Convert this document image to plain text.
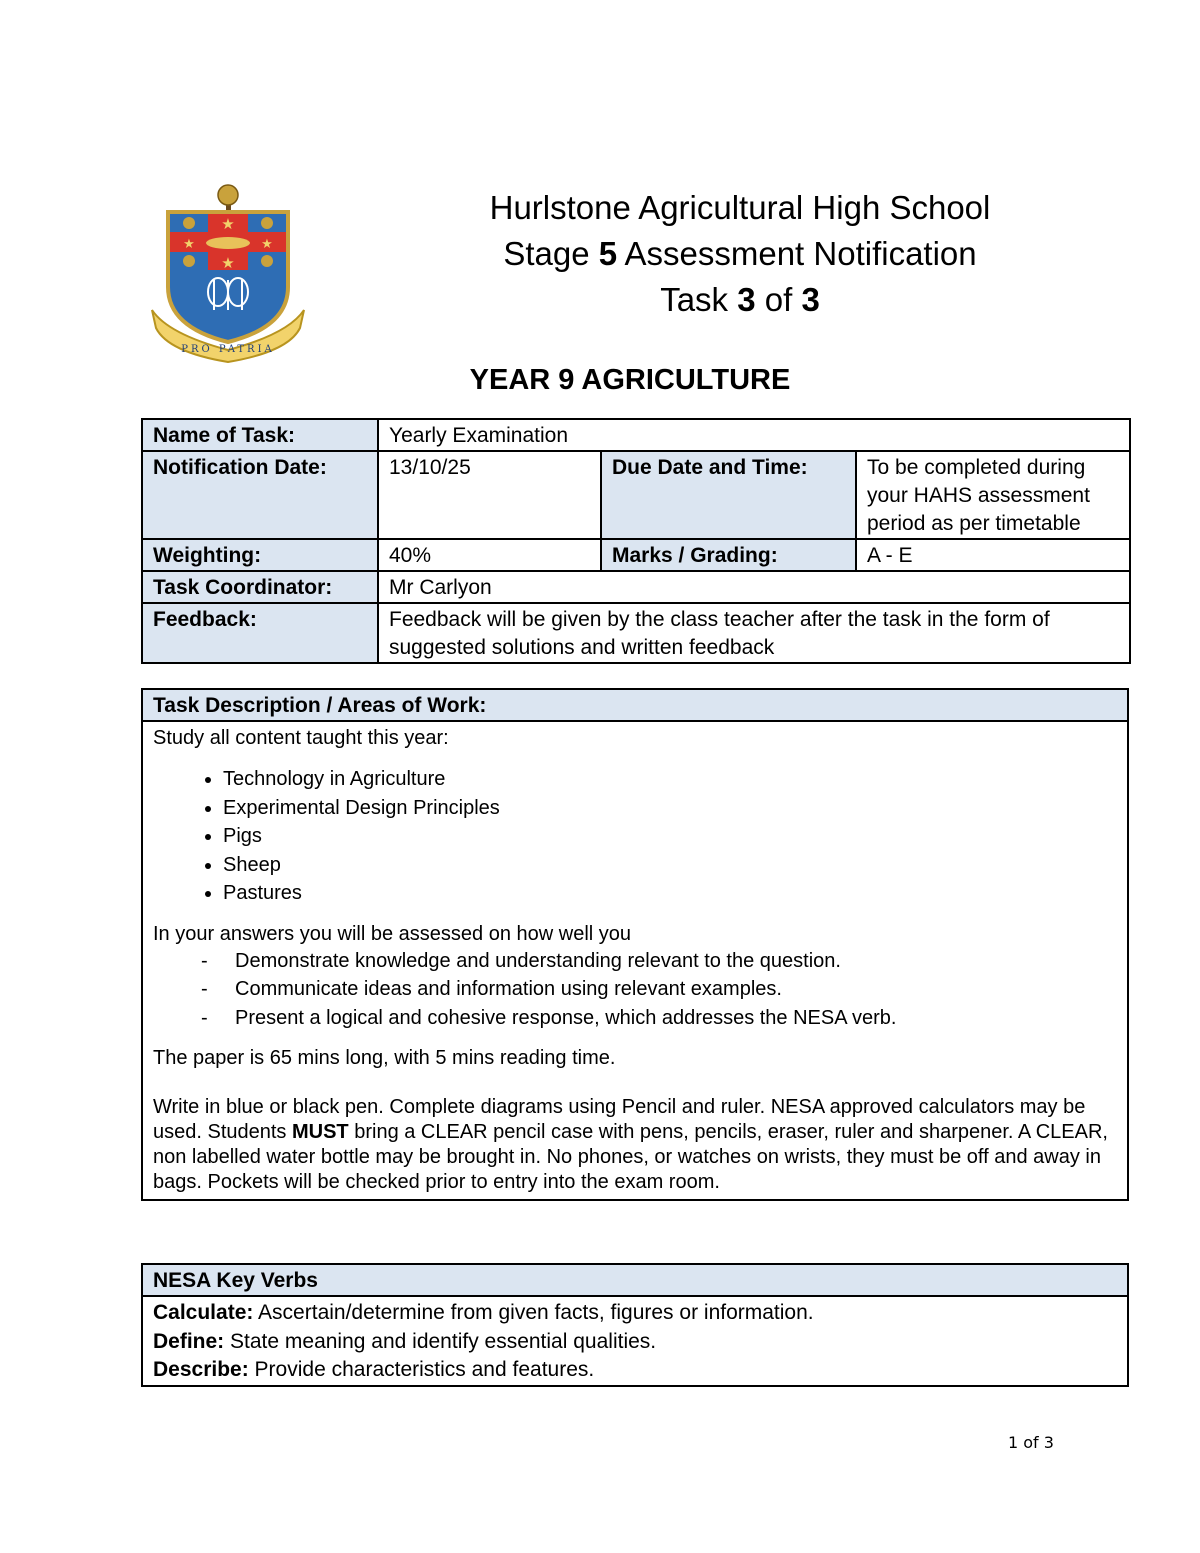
★
★	★
★
PRO PATRIA
Hurlstone Agricultural High School
Stage 5 Assessment Notification
Task 3 of 3
YEAR 9 AGRICULTURE
Name of Task:	Yearly Examination		
Notification Date:	13/10/25	Due Date and Time:	To be completed during your HAHS assessment period as per timetable
Weighting:	40%	Marks / Grading:	A - E
Task Coordinator:	Mr Carlyon		
Feedback:	Feedback will be given by the class teacher after the task in the form of suggested solutions and written feedback		
Task Description / Areas of Work:

Study all content taught this year:

• Technology in Agriculture
• Experimental Design Principles
• Pigs
• Sheep
• Pastures

In your answers you will be assessed on how well you

- Demonstrate knowledge and understanding relevant to the question.
- Communicate ideas and information using relevant examples.
- Present a logical and cohesive response, which addresses the NESA verb.

The paper is 65 mins long, with 5 mins reading time.

Write in blue or black pen. Complete diagrams using Pencil and ruler. NESA approved calculators may be used. Students MUST bring a CLEAR pencil case with pens, pencils, eraser, ruler and sharpener. A CLEAR, non labelled water bottle may be brought in. No phones, or watches on wrists, they must be off and away in bags. Pockets will be checked prior to entry into the exam room.

NESA Key Verbs

Calculate: Ascertain/determine from given facts, figures or information.
Define: State meaning and identify essential qualities.
Describe: Provide characteristics and features.
1 of 3
